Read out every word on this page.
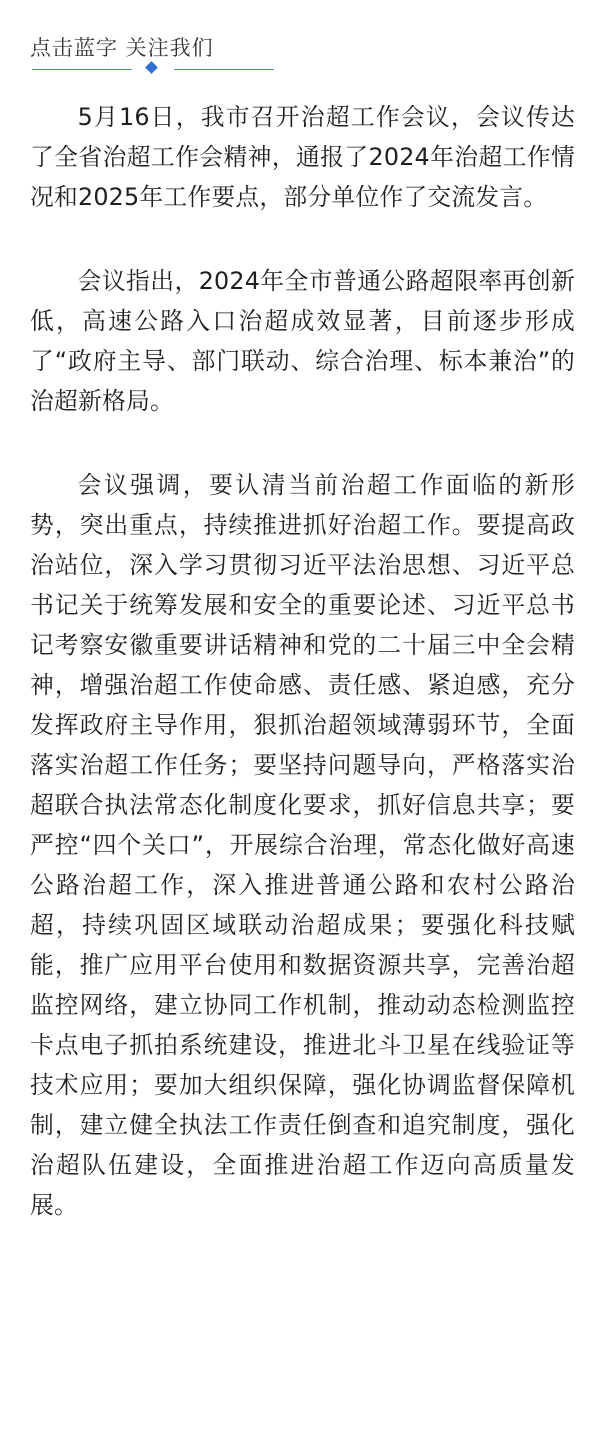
点击蓝字 关注我们

5月16日，我市召开治超工作会议，会议传达了全省治超工作会精神，通报了2024年治超工作情况和2025年工作要点，部分单位作了交流发言。

会议指出，2024年全市普通公路超限率再创新低，高速公路入口治超成效显著，目前逐步形成了“政府主导、部门联动、综合治理、标本兼治”的治超新格局。

会议强调，要认清当前治超工作面临的新形势，突出重点，持续推进抓好治超工作。要提高政治站位，深入学习贯彻习近平法治思想、习近平总书记关于统筹发展和安全的重要论述、习近平总书记考察安徽重要讲话精神和党的二十届三中全会精神，增强治超工作使命感、责任感、紧迫感，充分发挥政府主导作用，狠抓治超领域薄弱环节，全面落实治超工作任务；要坚持问题导向，严格落实治超联合执法常态化制度化要求，抓好信息共享；要严控“四个关口”，开展综合治理，常态化做好高速公路治超工作，深入推进普通公路和农村公路治超，持续巩固区域联动治超成果；要强化科技赋能，推广应用平台使用和数据资源共享，完善治超监控网络，建立协同工作机制，推动动态检测监控卡点电子抓拍系统建设，推进北斗卫星在线验证等技术应用；要加大组织保障，强化协调监督保障机制，建立健全执法工作责任倒查和追究制度，强化治超队伍建设，全面推进治超工作迈向高质量发展。
